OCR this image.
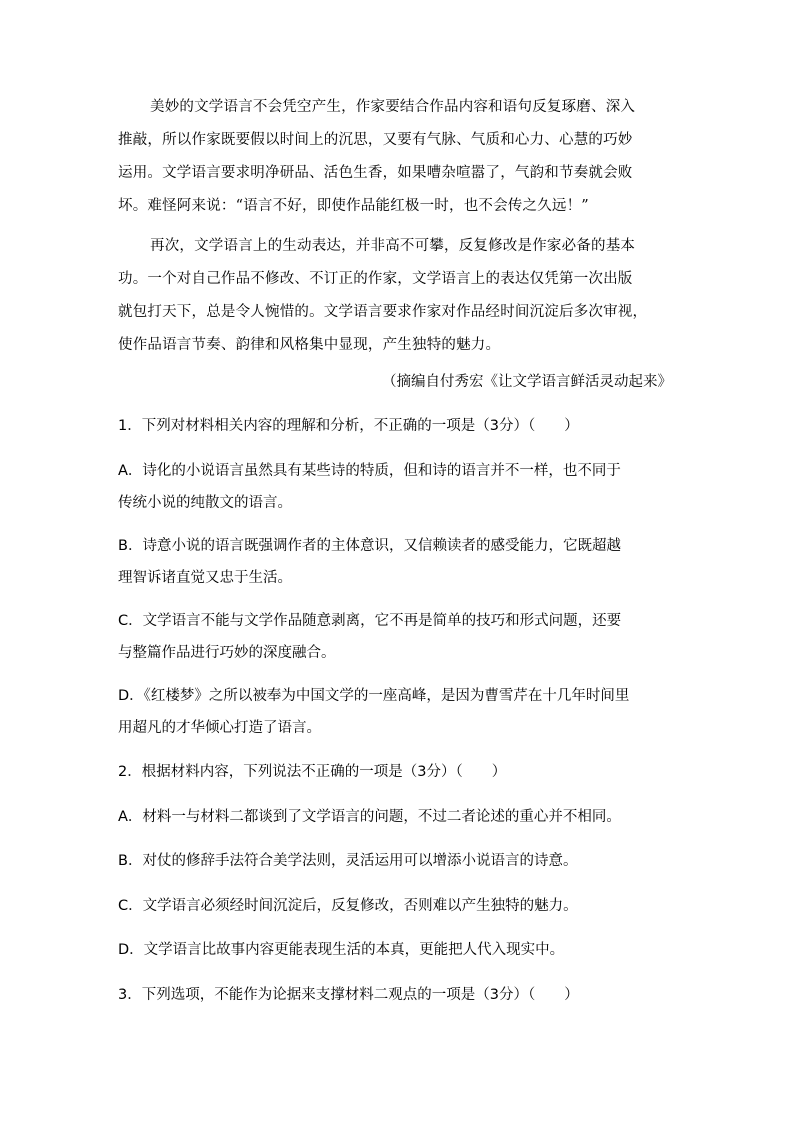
美妙的文学语言不会凭空产生，作家要结合作品内容和语句反复琢磨、深入
推敲，所以作家既要假以时间上的沉思，又要有气脉、气质和心力、心慧的巧妙
运用。文学语言要求明净研品、活色生香，如果嘈杂喧嚣了，气韵和节奏就会败
坏。难怪阿来说：“语言不好，即使作品能红极一时，也不会传之久远！”
再次，文学语言上的生动表达，并非高不可攀，反复修改是作家必备的基本
功。一个对自己作品不修改、不订正的作家，文学语言上的表达仅凭第一次出版
就包打天下，总是令人惋惜的。文学语言要求作家对作品经时间沉淀后多次审视，
使作品语言节奏、韵律和风格集中显现，产生独特的魅力。
（摘编自付秀宏《让文学语言鲜活灵动起来》
1．下列对材料相关内容的理解和分析，不正确的一项是（3分）（　　）
A．诗化的小说语言虽然具有某些诗的特质，但和诗的语言并不一样，也不同于
传统小说的纯散文的语言。
B．诗意小说的语言既强调作者的主体意识，又信赖读者的感受能力，它既超越
理智诉诸直觉又忠于生活。
C．文学语言不能与文学作品随意剥离，它不再是简单的技巧和形式问题，还要
与整篇作品进行巧妙的深度融合。
D．《红楼梦》之所以被奉为中国文学的一座高峰，是因为曹雪芹在十几年时间里
用超凡的才华倾心打造了语言。
2．根据材料内容，下列说法不正确的一项是（3分）（　　）
A．材料一与材料二都谈到了文学语言的问题，不过二者论述的重心并不相同。
B．对仗的修辞手法符合美学法则，灵活运用可以增添小说语言的诗意。
C．文学语言必须经时间沉淀后，反复修改，否则难以产生独特的魅力。
D．文学语言比故事内容更能表现生活的本真，更能把人代入现实中。
3．下列选项，不能作为论据来支撑材料二观点的一项是（3分）（　　）
